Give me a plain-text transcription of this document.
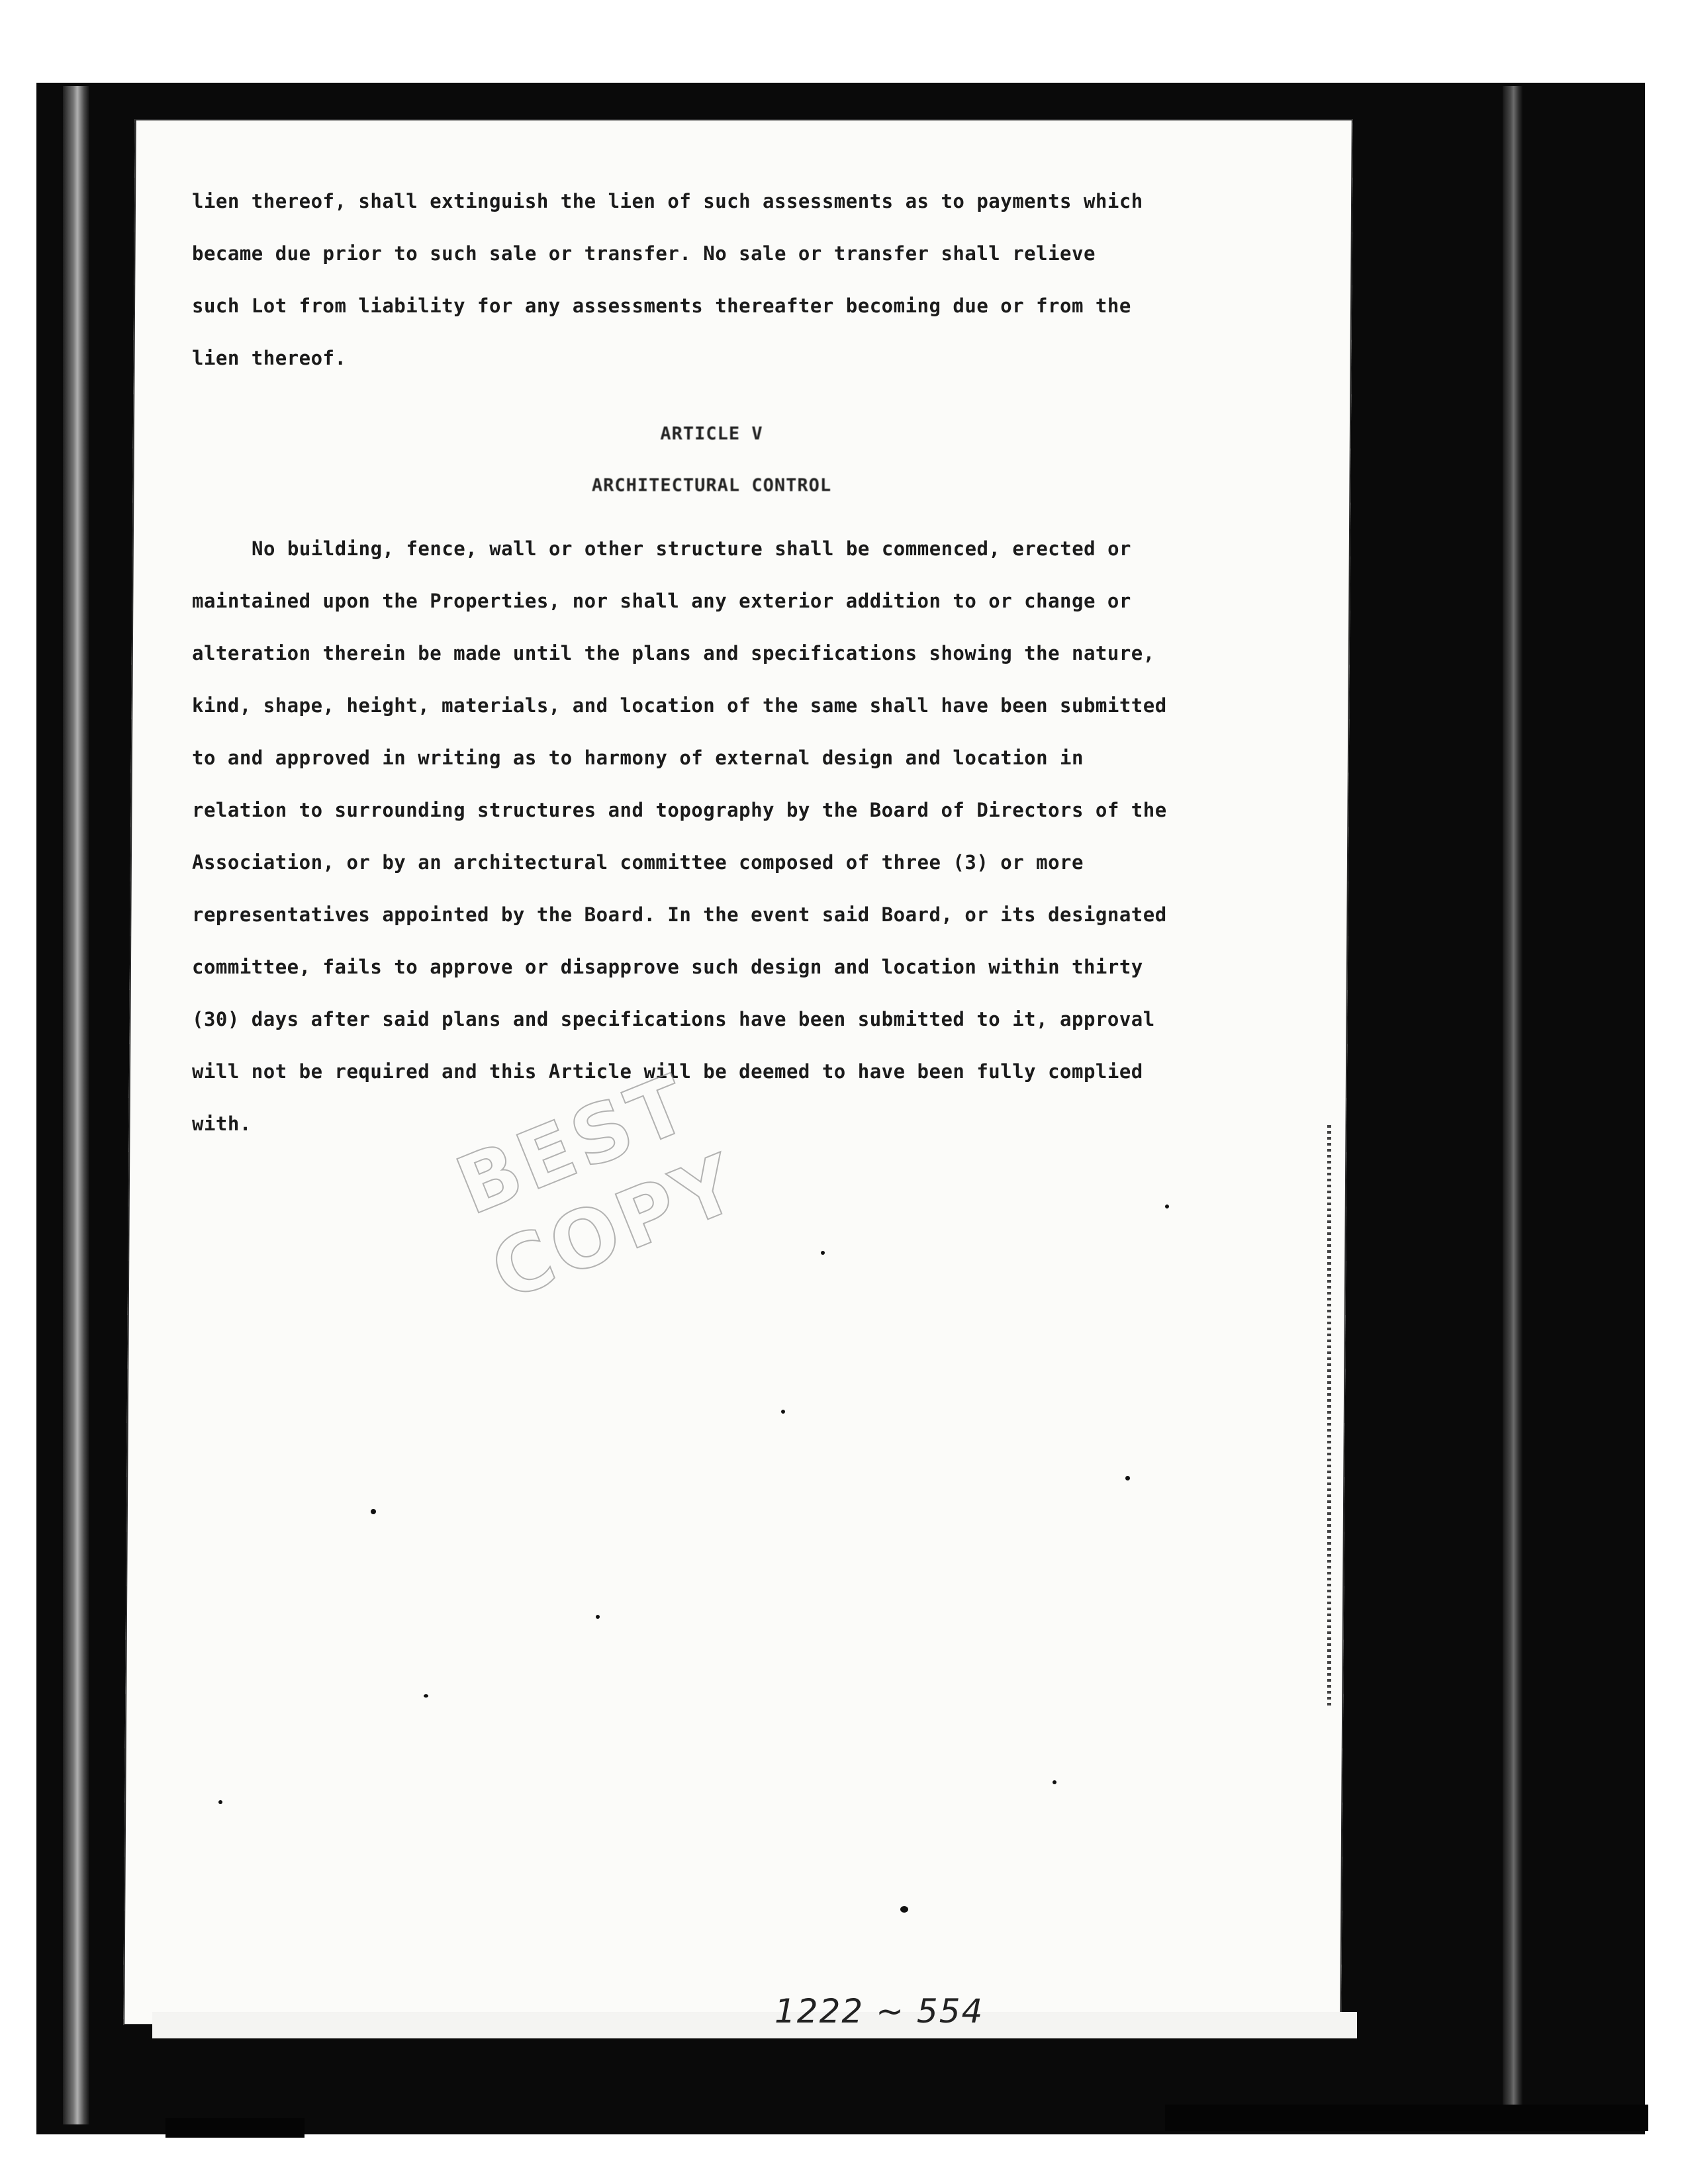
lien thereof, shall extinguish the lien of such assessments as to payments which
became due prior to such sale or transfer. No sale or transfer shall relieve
such Lot from liability for any assessments thereafter becoming due or from the
lien thereof.
ARTICLE V
ARCHITECTURAL CONTROL
No building, fence, wall or other structure shall be commenced, erected or
maintained upon the Properties, nor shall any exterior addition to or change or
alteration therein be made until the plans and specifications showing the nature,
kind, shape, height, materials, and location of the same shall have been submitted
to and approved in writing as to harmony of external design and location in
relation to surrounding structures and topography by the Board of Directors of the
Association, or by an architectural committee composed of three (3) or more
representatives appointed by the Board. In the event said Board, or its designated
committee, fails to approve or disapprove such design and location within thirty
(30) days after said plans and specifications have been submitted to it, approval
will not be required and this Article will be deemed to have been fully complied
with.	BEST COPY
1222 ~ 554
